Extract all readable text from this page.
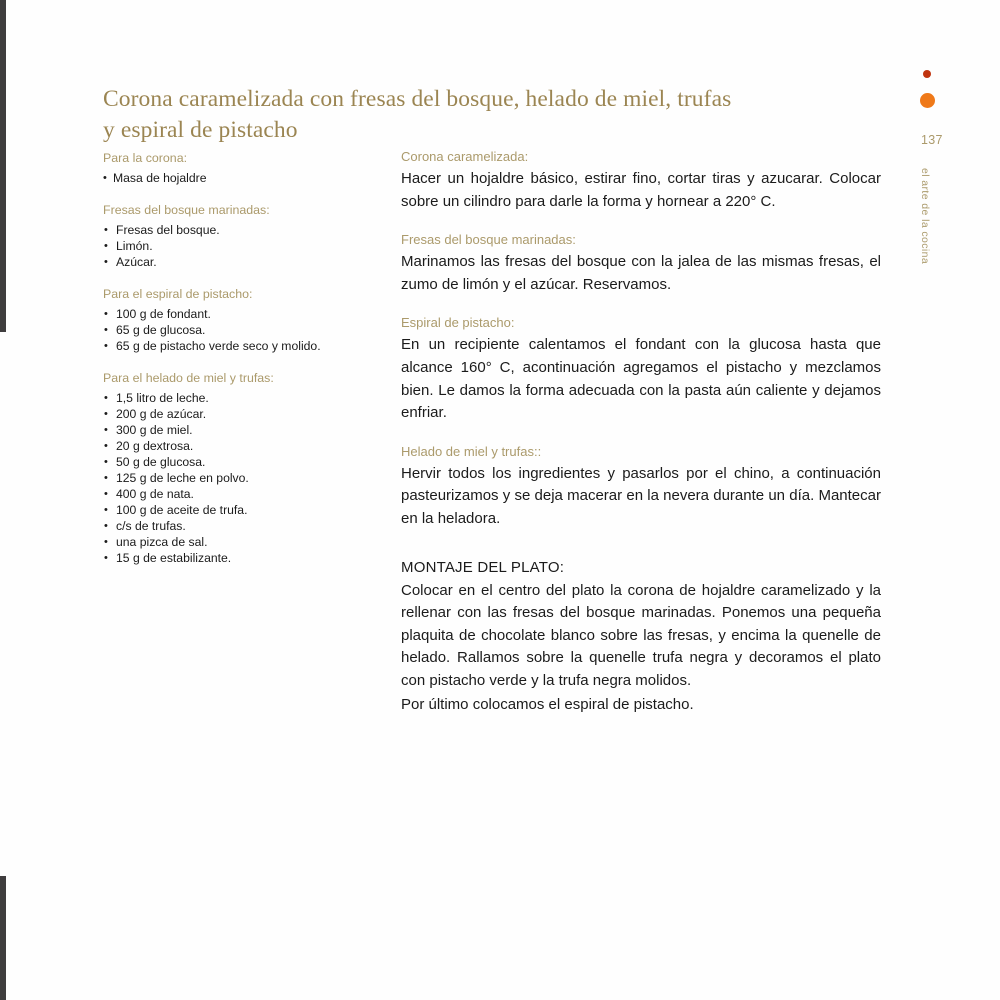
Corona caramelizada con fresas del bosque, helado de miel, trufas y espiral de pistacho
Para la corona:
• Masa de hojaldre
Fresas del bosque marinadas:
• Fresas del bosque.
• Limón.
• Azúcar.
Para el espiral de pistacho:
• 100 g de fondant.
• 65 g de glucosa.
• 65 g de pistacho verde seco y molido.
Para el helado de miel y trufas:
• 1,5 litro de leche.
• 200 g de azúcar.
• 300 g de miel.
• 20 g dextrosa.
• 50 g de glucosa.
• 125 g de leche en polvo.
• 400 g de nata.
• 100 g de aceite de trufa.
• c/s de trufas.
• una pizca de sal.
• 15 g de estabilizante.
Corona caramelizada:

Hacer un hojaldre básico, estirar fino, cortar tiras y azucarar. Colocar sobre un cilindro para darle la forma y hornear a 220° C.

Fresas del bosque marinadas:

Marinamos las fresas del bosque con la jalea de las mismas fresas, el zumo de limón y el azúcar. Reservamos.

Espiral de pistacho:

En un recipiente calentamos el fondant con la glucosa hasta que alcance 160° C, acontinuación agregamos el pistacho y mezclamos bien. Le damos la forma adecuada con la pasta aún caliente y dejamos enfriar.

Helado de miel y trufas::

Hervir todos los ingredientes y pasarlos por el chino, a continuación pasteurizamos y se deja macerar en la nevera durante un día. Mantecar en la heladora.

MONTAJE DEL PLATO:

Colocar en el centro del plato la corona de hojaldre caramelizado y la rellenar con las fresas del bosque marinadas. Ponemos una pequeña plaquita de chocolate blanco sobre las fresas, y encima la quenelle de helado. Rallamos sobre la quenelle trufa negra y decoramos el plato con pistacho verde y la trufa negra molidos.

Por último colocamos el espiral de pistacho.

137
el arte de la cocina
